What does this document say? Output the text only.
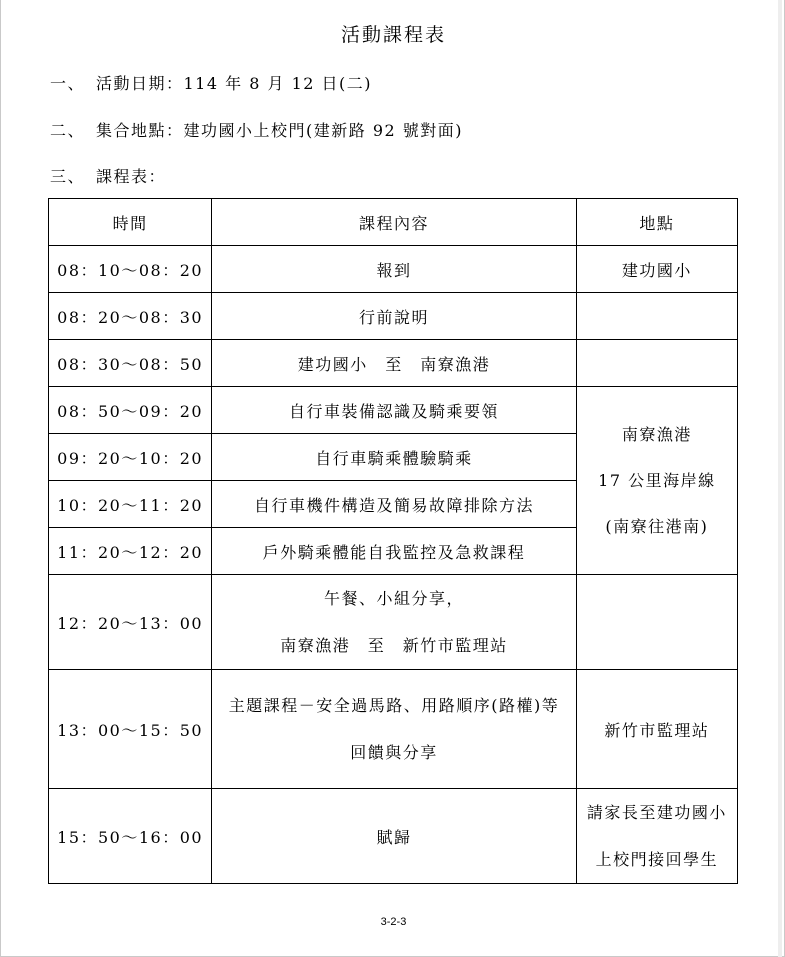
活動課程表
一、 活動日期：114 年 8 月 12 日(二)
二、 集合地點：建功國小上校門(建新路 92 號對面)
三、 課程表：
時間	課程內容	地點
08：10～08：20	報到	建功國小
08：20～08：30	行前說明	
08：30～08：50	建功國小　至　南寮漁港	
08：50～09：20	自行車裝備認識及騎乘要領	南寮漁港
17 公里海岸線
(南寮往港南)

09：20～10：20	自行車騎乘體驗騎乘	
10：20～11：20	自行車機件構造及簡易故障排除方法	
11：20～12：20	戶外騎乘體能自我監控及急救課程	
12：20～13：00	午餐、小組分享，
南寮漁港　至　新竹市監理站	

13：00～15：50	主題課程－安全過馬路、用路順序(路權)等
回饋與分享	新竹市監理站
15：50～16：00	賦歸	請家長至建功國小
上校門接回學生
3-2-3
